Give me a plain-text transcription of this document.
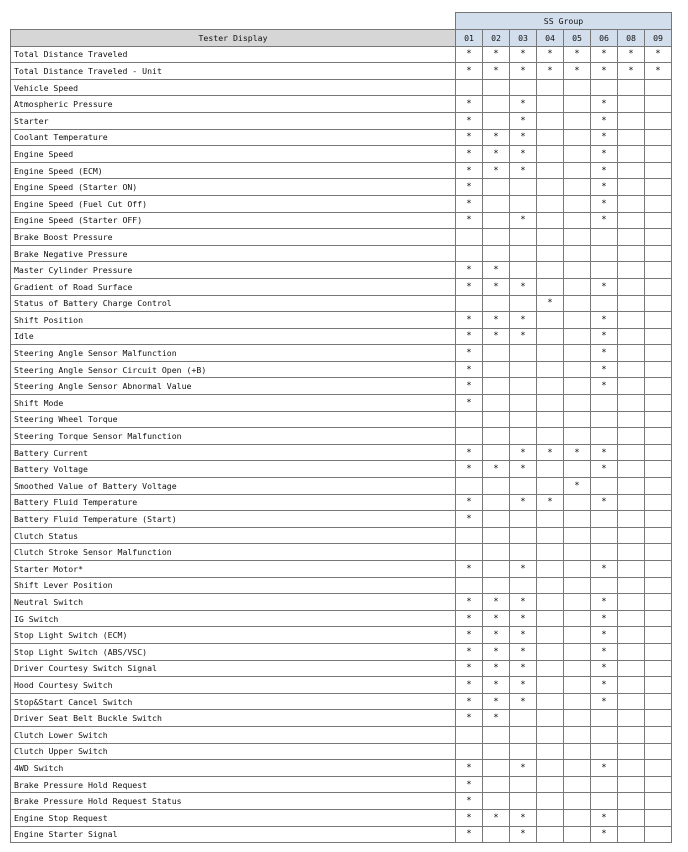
	SS Group							
Tester Display	01	02	03	04	05	06	08	09
Total Distance Traveled	*	*	*	*	*	*	*	*
Total Distance Traveled - Unit	*	*	*	*	*	*	*	*
Vehicle Speed								
Atmospheric Pressure	*		*			*		
Starter	*		*			*		
Coolant Temperature	*	*	*			*		
Engine Speed	*	*	*			*		
Engine Speed (ECM)	*	*	*			*		
Engine Speed (Starter ON)	*					*		
Engine Speed (Fuel Cut Off)	*					*		
Engine Speed (Starter OFF)	*		*			*		
Brake Boost Pressure								
Brake Negative Pressure								
Master Cylinder Pressure	*	*						
Gradient of Road Surface	*	*	*			*		
Status of Battery Charge Control				*				
Shift Position	*	*	*			*		
Idle	*	*	*			*		
Steering Angle Sensor Malfunction	*					*		
Steering Angle Sensor Circuit Open (+B)	*					*		
Steering Angle Sensor Abnormal Value	*					*		
Shift Mode	*							
Steering Wheel Torque								
Steering Torque Sensor Malfunction								
Battery Current	*		*	*	*	*		
Battery Voltage	*	*	*			*		
Smoothed Value of Battery Voltage					*			
Battery Fluid Temperature	*		*	*		*		
Battery Fluid Temperature (Start)	*							
Clutch Status								
Clutch Stroke Sensor Malfunction								
Starter Motor*	*		*			*		
Shift Lever Position								
Neutral Switch	*	*	*			*		
IG Switch	*	*	*			*		
Stop Light Switch (ECM)	*	*	*			*		
Stop Light Switch (ABS/VSC)	*	*	*			*		
Driver Courtesy Switch Signal	*	*	*			*		
Hood Courtesy Switch	*	*	*			*		
Stop&Start Cancel Switch	*	*	*			*		
Driver Seat Belt Buckle Switch	*	*						
Clutch Lower Switch								
Clutch Upper Switch								
4WD Switch	*		*			*		
Brake Pressure Hold Request	*							
Brake Pressure Hold Request Status	*							
Engine Stop Request	*	*	*			*		
Engine Starter Signal	*		*			*		
